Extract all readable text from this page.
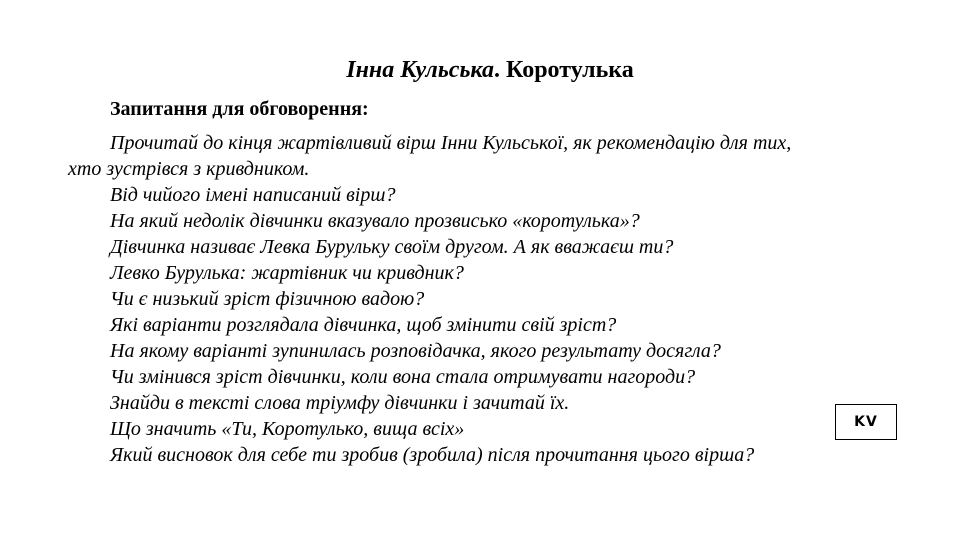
Інна Кульська. Коротулька
Запитання для обговорення:

Прочитай до кінця жартівливий вірш Інни Кульської, як рекомендацію для тих,

хто зустрівся з кривдником.

Від чийого імені написаний вірш?

На який недолік дівчинки вказувало прозвисько «коротулька»?

Дівчинка називає Левка Бурульку своїм другом. А як вважаєш ти?

Левко Бурулька: жартівник чи кривдник?

Чи є низький зріст фізичною вадою?

Які варіанти розглядала дівчинка, щоб змінити свій зріст?

На якому варіанті зупинилась розповідачка, якого результату досягла?

Чи змінився зріст дівчинки, коли вона стала отримувати нагороди?

Знайди в тексті слова тріумфу дівчинки і зачитай їх.

Що значить «Ти, Коротулько, вища всіх»

Який висновок для себе ти зробив (зробила) після прочитання цього вірша?

KV
